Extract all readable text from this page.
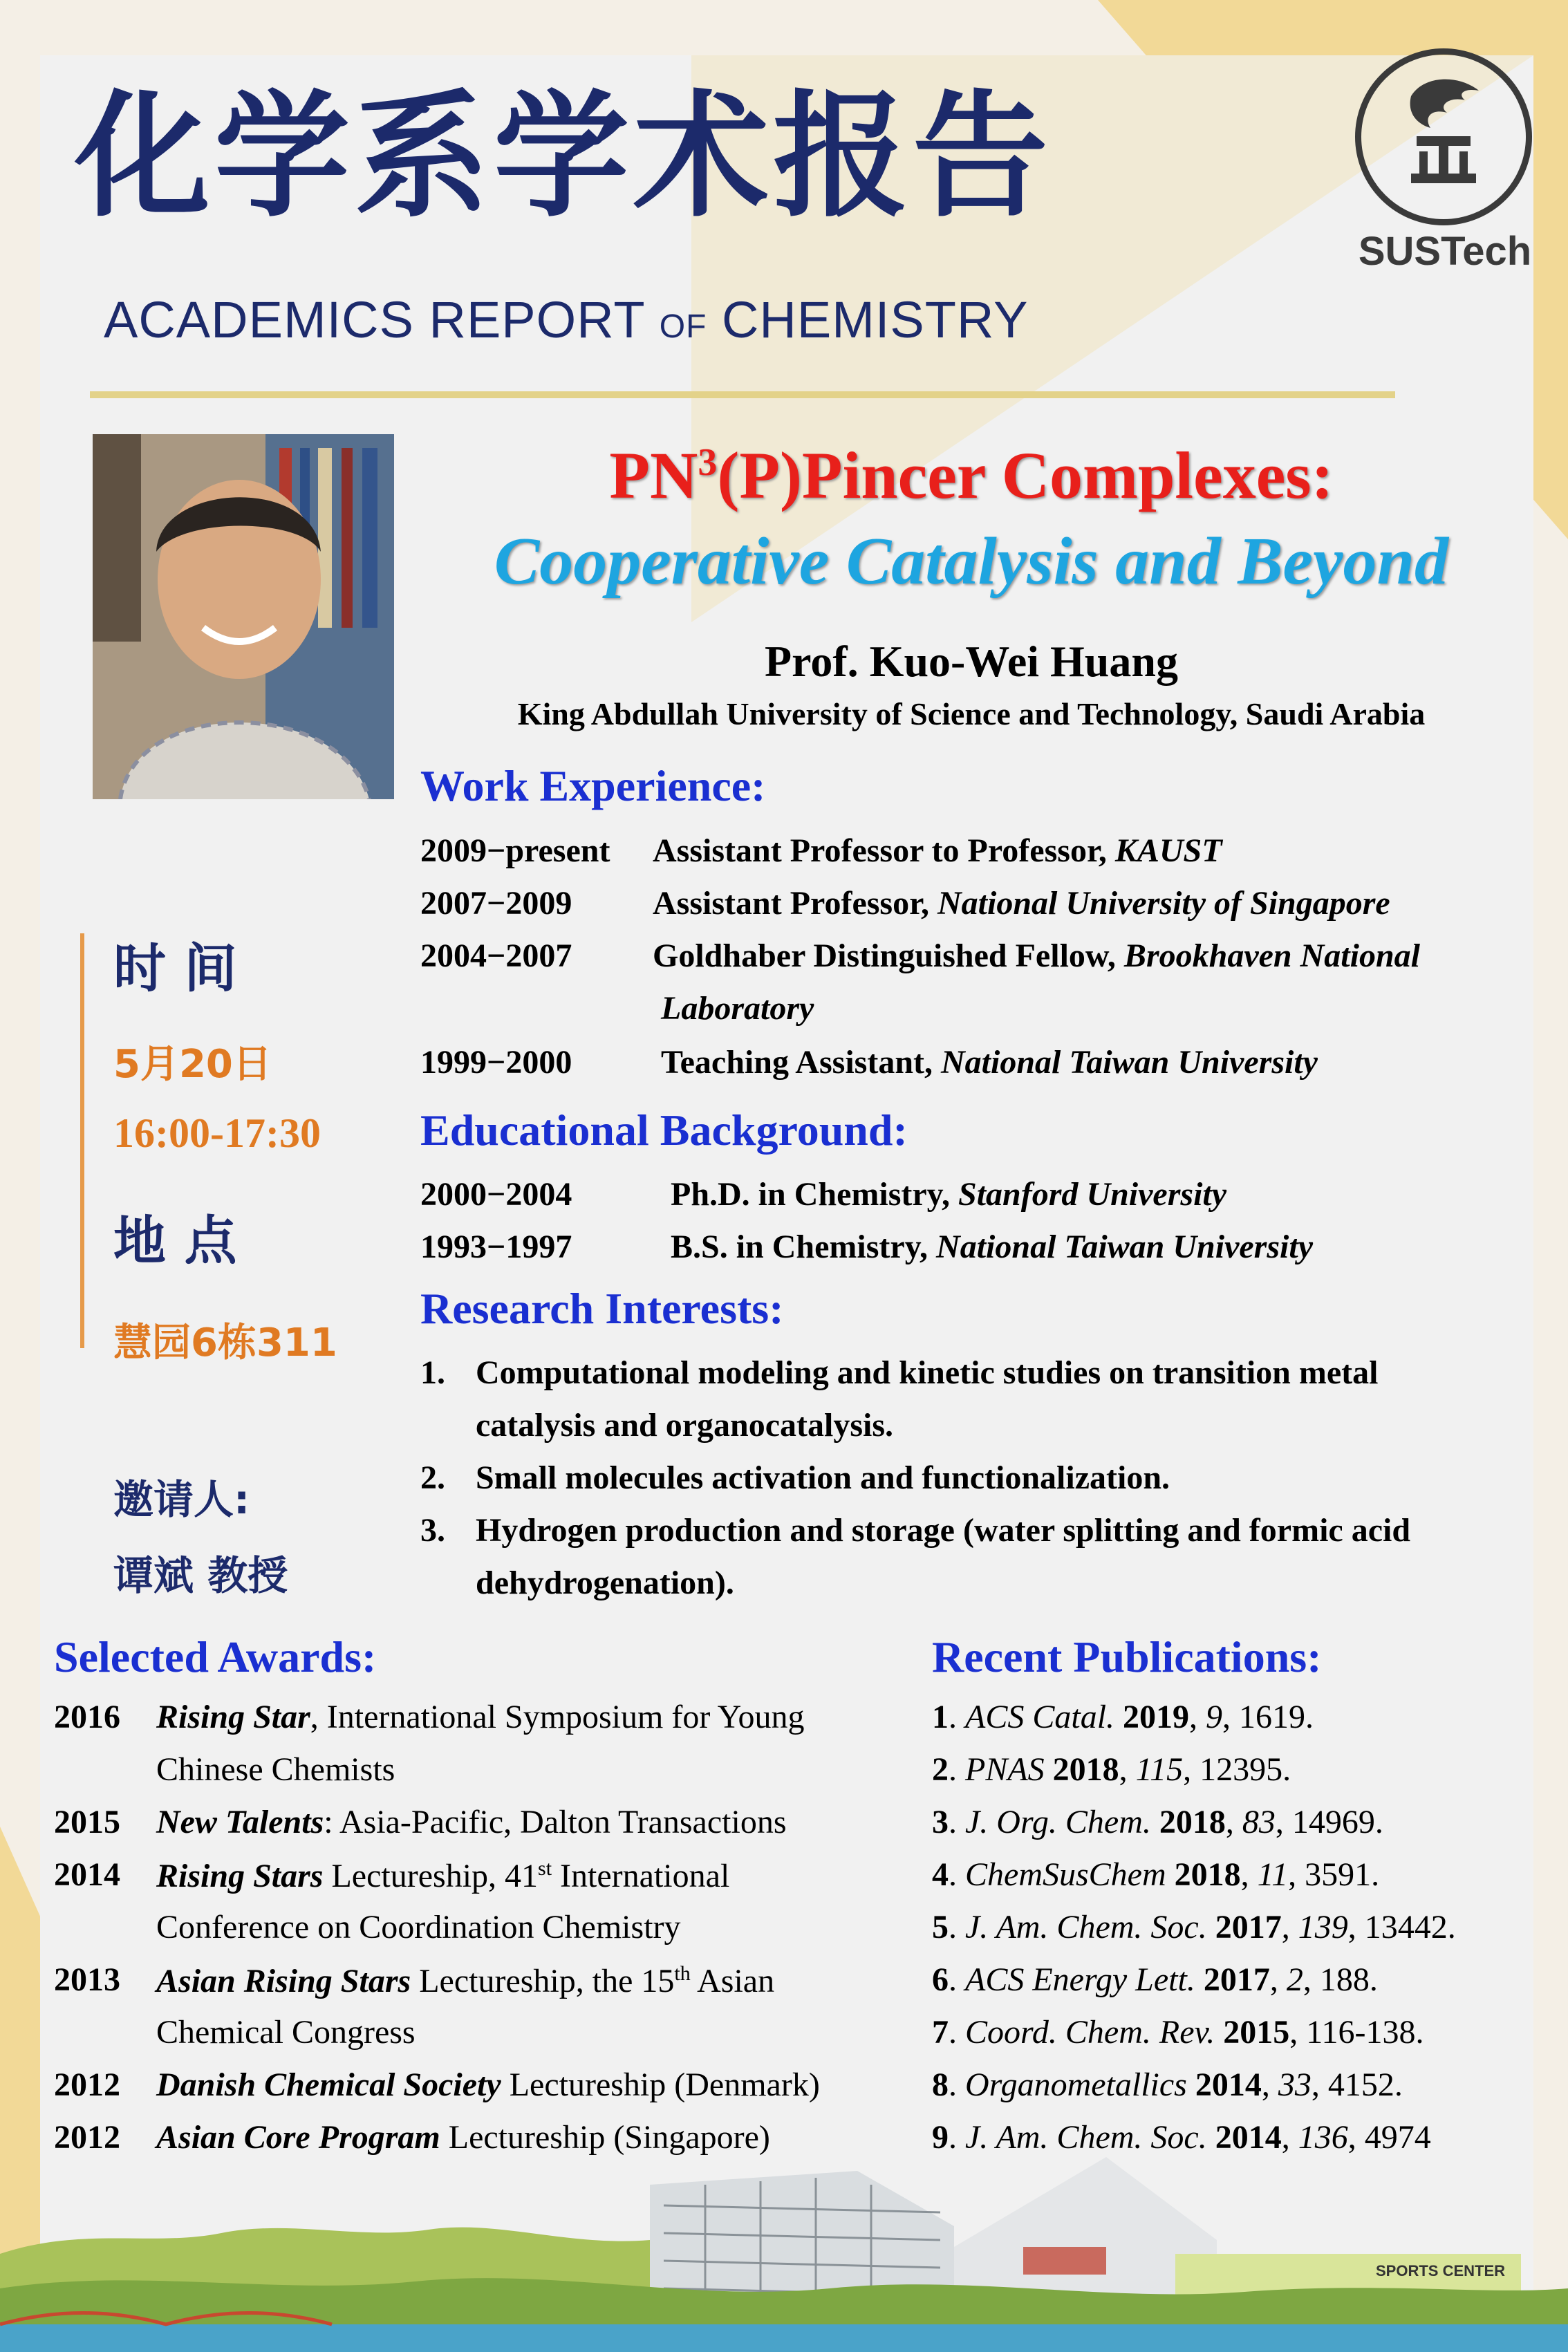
化学系学术报告
ACADEMICS REPORT OF CHEMISTRY
SUSTech
$PN^3(P)Pincer$ Complexes:
Cooperative Catalysis and Beyond
Prof. Kuo-Wei Huang
King Abdullah University of Science and Technology, Saudi Arabia
Work Experience:
2009−present Assistant Professor to Professor, KAUST
2007−2009 Assistant Professor, National University of Singapore
2004−2007 Goldhaber Distinguished Fellow, Brookhaven National
Laboratory
1999−2000	Teaching Assistant, National Taiwan University
Educational Background:
2000−2004	Ph.D. in Chemistry, Stanford University
1993−1997	B.S. in Chemistry, National Taiwan University
Research Interests:
1. Computational modeling and kinetic studies on transition metal
catalysis and organocatalysis.
2. Small molecules activation and functionalization.
3. Hydrogen production and storage (water splitting and formic acid
dehydrogenation).
时 间
5月20日
16:00-17:30
地 点
慧园6栋311
邀请人:
谭斌 教授
Selected Awards:
2016 Rising Star, International Symposium for Young
Chinese Chemists
2015 New Talents: Asia-Pacific, Dalton Transactions
2014 Rising Stars Lectureship, 41st International
Conference on Coordination Chemistry
2013 Asian Rising Stars Lectureship, the 15th Asian
Chemical Congress
2012 Danish Chemical Society Lectureship (Denmark)
2012 Asian Core Program Lectureship (Singapore)
Recent Publications:
1. ACS Catal. 2019, 9, 1619.
2. PNAS 2018, 115, 12395.
3. J. Org. Chem. 2018, 83, 14969.
4. ChemSusChem 2018, 11, 3591.
5. J. Am. Chem. Soc. 2017, 139, 13442.
6. ACS Energy Lett. 2017, 2, 188.
7. Coord. Chem. Rev. 2015, 116-138.
8. Organometallics 2014, 33, 4152.
9. J. Am. Chem. Soc. 2014, 136, 4974
SPORTS CENTER
